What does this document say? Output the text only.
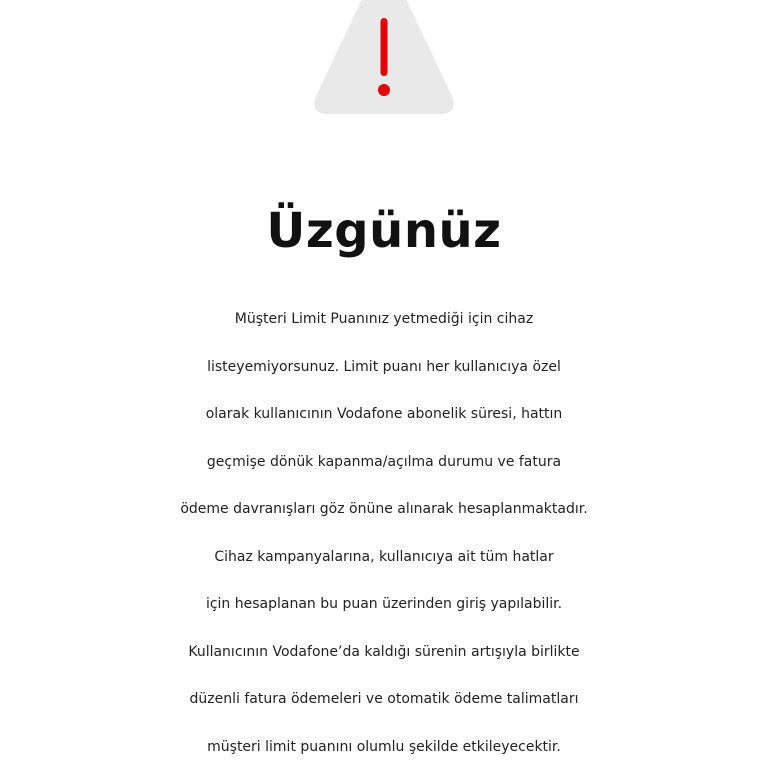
Üzgünüz
Müşteri Limit Puanınız yetmediği için cihaz
listeyemiyorsunuz. Limit puanı her kullanıcıya özel
olarak kullanıcının Vodafone abonelik süresi, hattın
geçmişe dönük kapanma/açılma durumu ve fatura
ödeme davranışları göz önüne alınarak hesaplanmaktadır.
Cihaz kampanyalarına, kullanıcıya ait tüm hatlar
için hesaplanan bu puan üzerinden giriş yapılabilir.
Kullanıcının Vodafone’da kaldığı sürenin artışıyla birlikte
düzenli fatura ödemeleri ve otomatik ödeme talimatları
müşteri limit puanını olumlu şekilde etkileyecektir.
